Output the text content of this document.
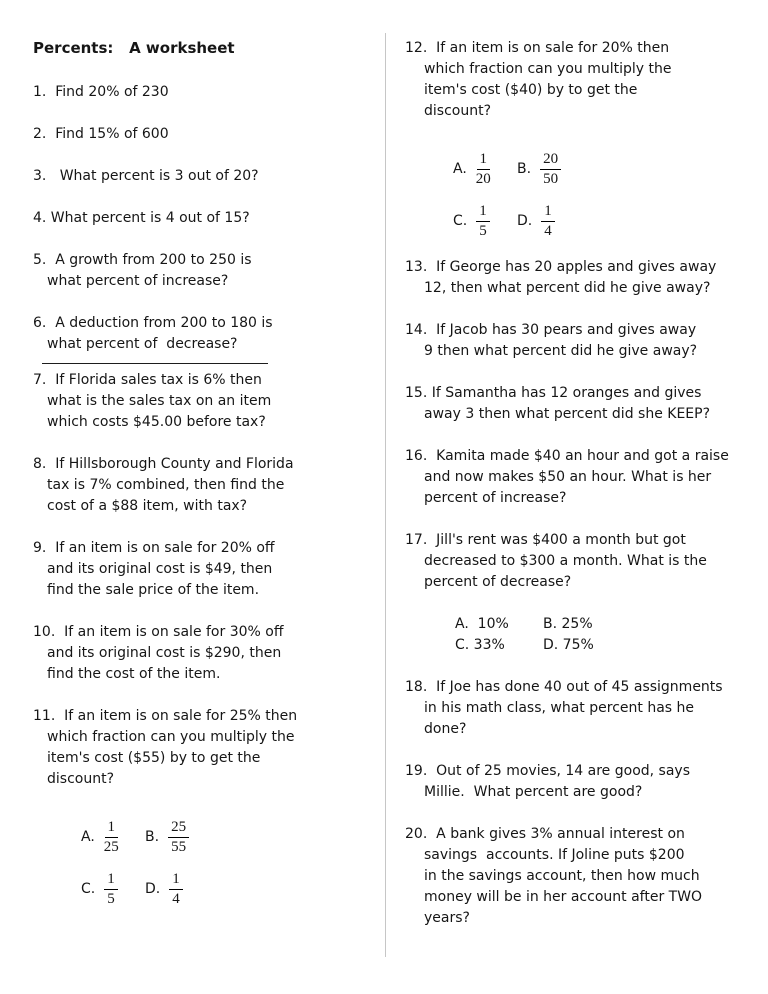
Percents:   A worksheet
1.  Find 20% of 230
2.  Find 15% of 600
3.   What percent is 3 out of 20?
4. What percent is 4 out of 15?
5.  A growth from 200 to 250 is
what percent of increase?
6.  A deduction from 200 to 180 is
what percent of  decrease?
7.  If Florida sales tax is 6% then
what is the sales tax on an item
which costs $45.00 before tax?
8.  If Hillsborough County and Florida
tax is 7% combined, then find the
cost of a $88 item, with tax?
9.  If an item is on sale for 20% off
and its original cost is $49, then
find the sale price of the item.
10.  If an item is on sale for 30% off
and its original cost is $290, then
find the cost of the item.
11.  If an item is on sale for 25% then
which fraction can you multiply the
item's cost ($55) by to get the
discount?
A. $\frac{1}{25} B$. $\frac{25}{55}$
C. $\frac{1}{5} D$. $\frac{1}{4}$
12.  If an item is on sale for 20% then
which fraction can you multiply the
item's cost ($40) by to get the
discount?
A. $\frac{1}{20} B$. $\frac{20}{50}$
C. $\frac{1}{5} D$. $\frac{1}{4}$
13.  If George has 20 apples and gives away
12, then what percent did he give away?
14.  If Jacob has 30 pears and gives away
9 then what percent did he give away?
15. If Samantha has 12 oranges and gives
away 3 then what percent did she KEEP?
16.  Kamita made $40 an hour and got a raise
and now makes $50 an hour. What is her
percent of increase?
17.  Jill's rent was $400 a month but got
decreased to $300 a month. What is the
percent of decrease?
A.  10% B. 25%
C. 33%	D. 75%
18.  If Joe has done 40 out of 45 assignments
in his math class, what percent has he
done?
19.  Out of 25 movies, 14 are good, says
Millie.  What percent are good?
20.  A bank gives 3% annual interest on
savings  accounts. If Joline puts $200
in the savings account, then how much
money will be in her account after TWO
years?
